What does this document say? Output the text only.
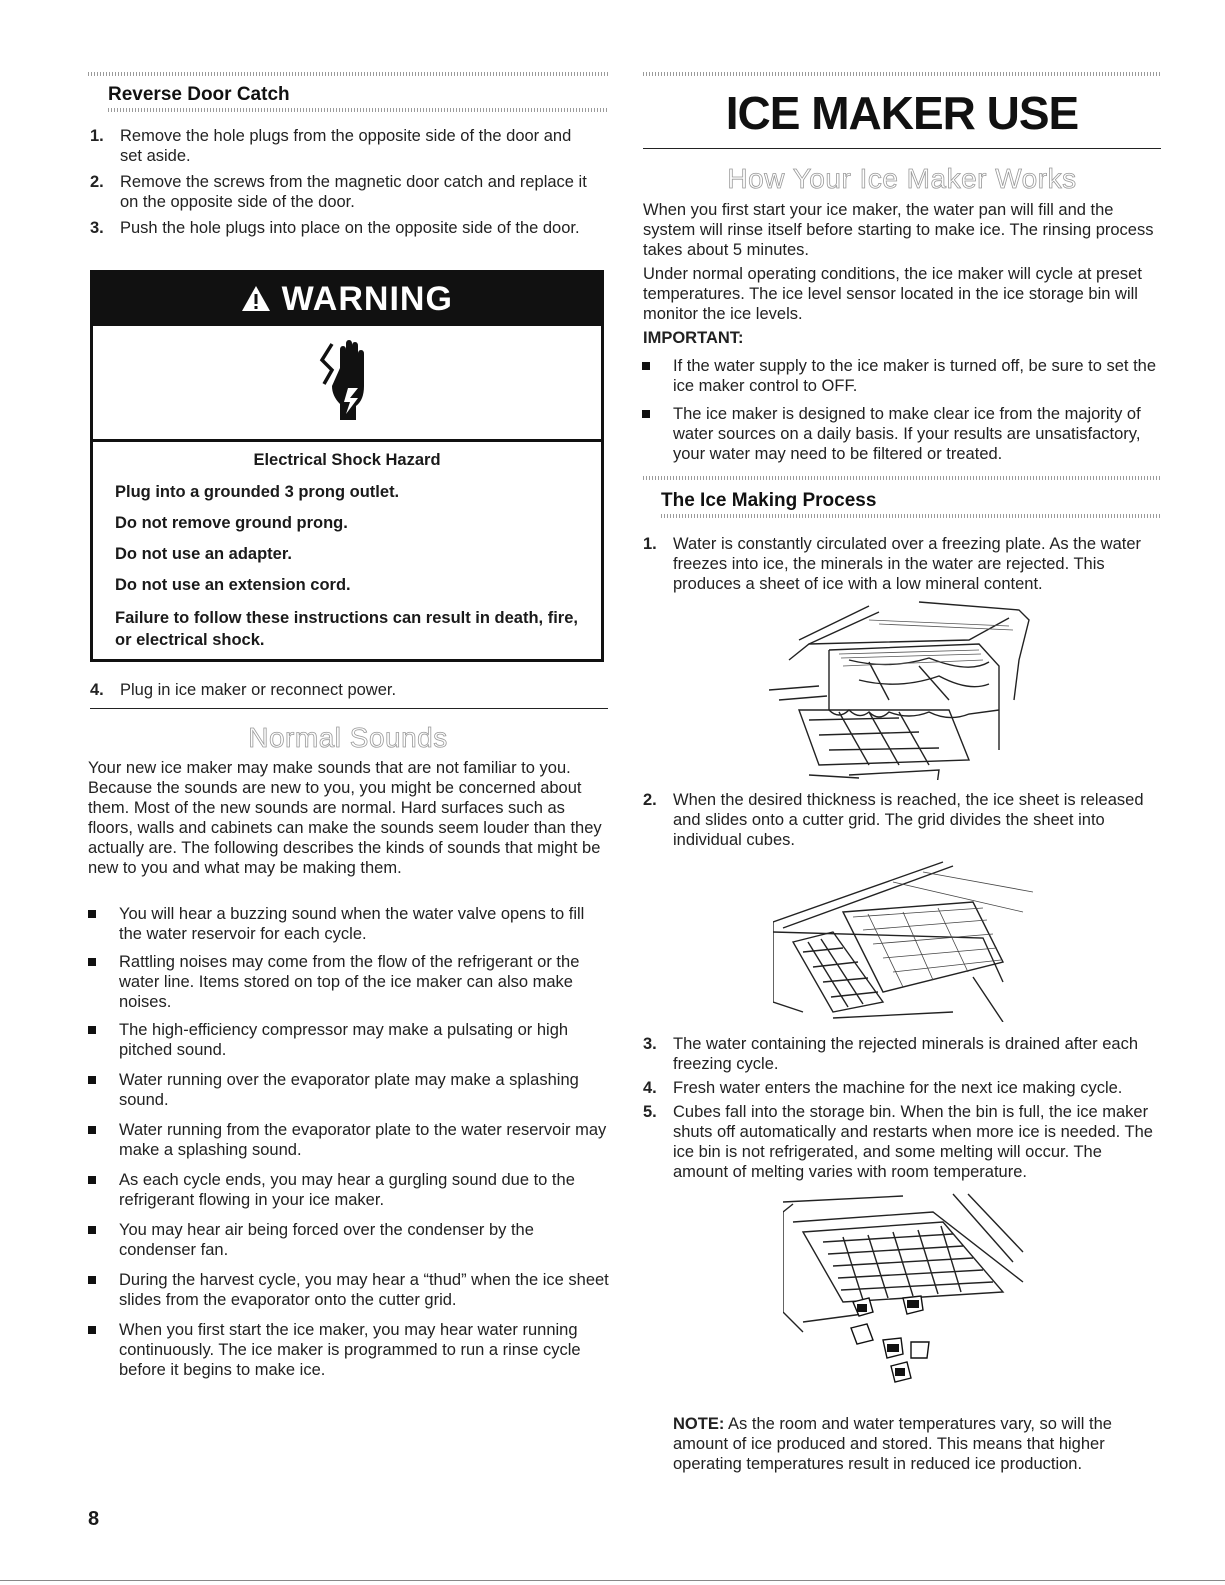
Reverse Door Catch
1. Remove the hole plugs from the opposite side of the door and set aside.
2. Remove the screws from the magnetic door catch and replace it on the opposite side of the door.
3. Push the hole plugs into place on the opposite side of the door.
WARNING
Electrical Shock Hazard
Plug into a grounded 3 prong outlet.
Do not remove ground prong.
Do not use an adapter.
Do not use an extension cord.
Failure to follow these instructions can result in death, fire, or electrical shock.
4. Plug in ice maker or reconnect power.
Normal Sounds
Your new ice maker may make sounds that are not familiar to you. Because the sounds are new to you, you might be concerned about them. Most of the new sounds are normal. Hard surfaces such as floors, walls and cabinets can make the sounds seem louder than they actually are. The following describes the kinds of sounds that might be new to you and what may be making them.
You will hear a buzzing sound when the water valve opens to fill the water reservoir for each cycle.
Rattling noises may come from the flow of the refrigerant or the water line. Items stored on top of the ice maker can also make noises.
The high-efficiency compressor may make a pulsating or high pitched sound.
Water running over the evaporator plate may make a splashing sound.
Water running from the evaporator plate to the water reservoir may make a splashing sound.
As each cycle ends, you may hear a gurgling sound due to the refrigerant flowing in your ice maker.
You may hear air being forced over the condenser by the condenser fan.
During the harvest cycle, you may hear a “thud” when the ice sheet slides from the evaporator onto the cutter grid.
When you first start the ice maker, you may hear water running continuously. The ice maker is programmed to run a rinse cycle before it begins to make ice.
8
ICE MAKER USE
How Your Ice Maker Works
When you first start your ice maker, the water pan will fill and the system will rinse itself before starting to make ice. The rinsing process takes about 5 minutes.
Under normal operating conditions, the ice maker will cycle at preset temperatures. The ice level sensor located in the ice storage bin will monitor the ice levels.
IMPORTANT:
If the water supply to the ice maker is turned off, be sure to set the ice maker control to OFF.
The ice maker is designed to make clear ice from the majority of water sources on a daily basis. If your results are unsatisfactory, your water may need to be filtered or treated.
The Ice Making Process
1. Water is constantly circulated over a freezing plate. As the water freezes into ice, the minerals in the water are rejected. This produces a sheet of ice with a low mineral content.
2. When the desired thickness is reached, the ice sheet is released and slides onto a cutter grid. The grid divides the sheet into individual cubes.
3. The water containing the rejected minerals is drained after each freezing cycle.
4. Fresh water enters the machine for the next ice making cycle.
5. Cubes fall into the storage bin. When the bin is full, the ice maker shuts off automatically and restarts when more ice is needed. The ice bin is not refrigerated, and some melting will occur. The amount of melting varies with room temperature.
NOTE: As the room and water temperatures vary, so will the amount of ice produced and stored. This means that higher operating temperatures result in reduced ice production.
